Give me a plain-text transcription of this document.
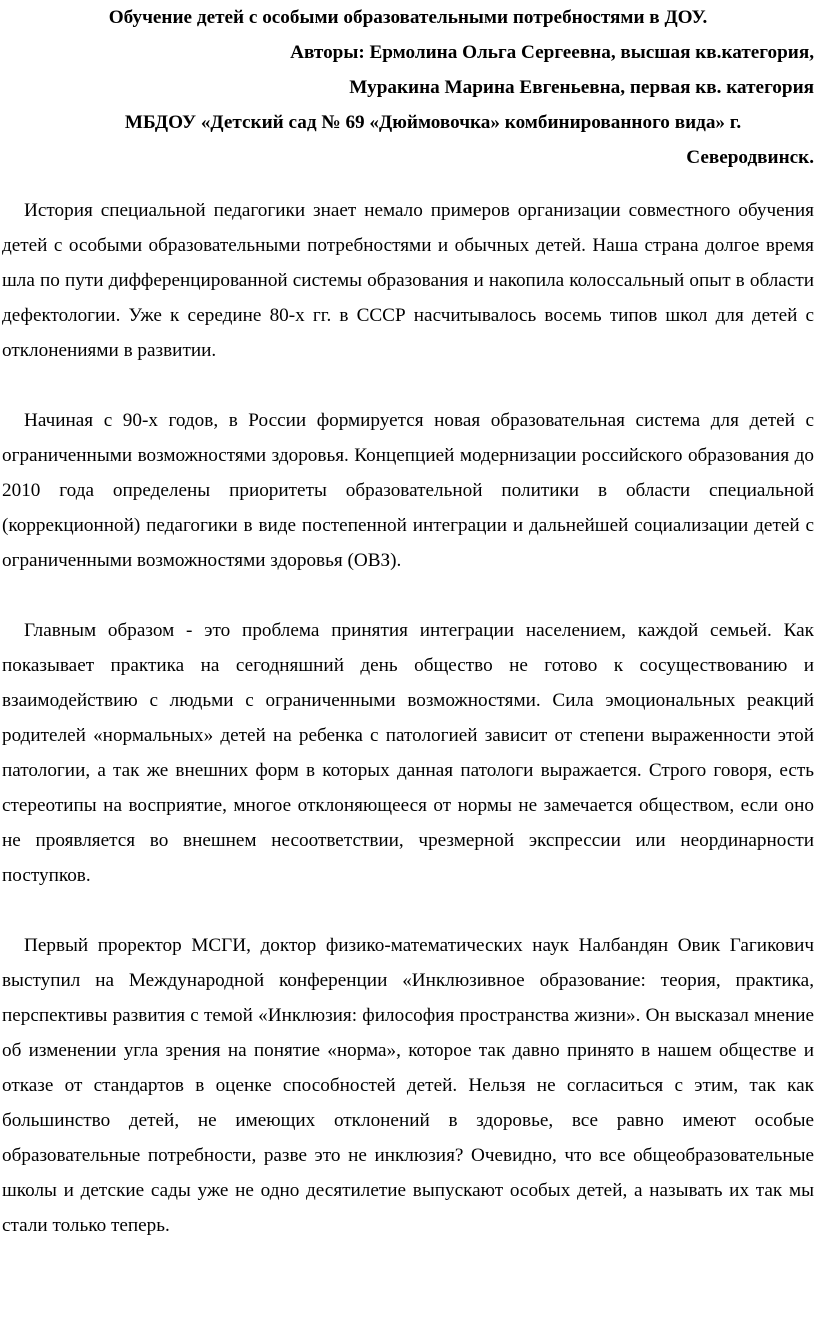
Обучение детей с особыми образовательными потребностями в ДОУ.
Авторы: Ермолина Ольга Сергеевна, высшая кв.категория,
Муракина Марина Евгеньевна, первая кв. категория
МБДОУ «Детский сад № 69 «Дюймовочка» комбинированного вида» г.
Северодвинск.

История специальной педагогики знает немало примеров организации совместного обучения детей с особыми образовательными потребностями и обычных детей. Наша страна долгое время шла по пути дифференцированной системы образования и накопила колоссальный опыт в области дефектологии. Уже к середине 80-х гг. в СССР насчитывалось восемь типов школ для детей с отклонениями в развитии.

Начиная с 90-х годов, в России формируется новая образовательная система для детей с ограниченными возможностями здоровья. Концепцией модернизации российского образования до 2010 года определены приоритеты образовательной политики в области специальной (коррекционной) педагогики в виде постепенной интеграции и дальнейшей социализации детей с ограниченными возможностями здоровья (ОВЗ).

Главным образом - это проблема принятия интеграции населением, каждой семьей. Как показывает практика на сегодняшний день общество не готово к сосуществованию и взаимодействию с людьми с ограниченными возможностями. Сила эмоциональных реакций родителей «нормальных» детей на ребенка с патологией зависит от степени выраженности этой патологии, а так же внешних форм в которых данная патологи выражается. Строго говоря, есть стереотипы на восприятие, многое отклоняющееся от нормы не замечается обществом, если оно не проявляется во внешнем несоответствии, чрезмерной экспрессии или неординарности поступков.

Первый проректор МСГИ, доктор физико-математических наук Налбандян Овик Гагикович выступил на Международной конференции «Инклюзивное образование: теория, практика, перспективы развития с темой «Инклюзия: философия пространства жизни». Он высказал мнение об изменении угла зрения на понятие «норма», которое так давно принято в нашем обществе и отказе от стандартов в оценке способностей детей. Нельзя не согласиться с этим, так как большинство детей, не имеющих отклонений в здоровье, все равно имеют особые образовательные потребности, разве это не инклюзия? Очевидно, что все общеобразовательные школы и детские сады уже не одно десятилетие выпускают особых детей, а называть их так мы стали только теперь.
